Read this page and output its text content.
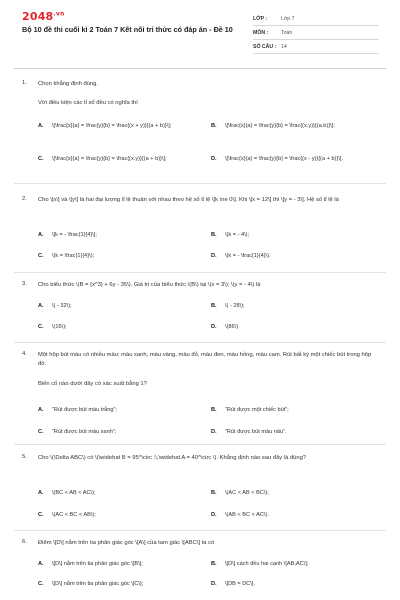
$2048^{.vn}$
Bộ 10 đề thi cuối kì 2 Toán 7 Kết nối tri thức có đáp án - Đề 10
LỚP :	Lớp 7
MÔN :	Toán
SỐ CÂU : 14
1. Chọn khẳng định đúng.
Với điều kiện các tỉ số đều có nghĩa thì
A. \[\frac{x}{a} = \frac{y}{b} = \frac{(x + y)}{(a + b)}\];	B. \[\frac{x}{a} = \frac{y}{b} = \frac{(x.y)}{(a.b)}\];
C. \[\frac{x}{a} = \frac{y}{b} = \frac{(x.y)}{(a + b)}\];	D. \[\frac{x}{a} = \frac{y}{b} = \frac{(x - y)}{(a + b)}\].
2. Cho \[x\] và \[y\] là hai đại lượng tỉ lệ thuận với nhau theo hệ số tỉ lệ \[k \ne 0\]. Khi \[x = 12\] thì \[y = - 3\]. Hệ số tỉ lệ là
A. \[k = - \frac{1}{4}\];	B. \(k = - 4\);
C. \(k = \frac{1}{4}\);	D. \(k = - \frac{1}{4}\).
3. Cho biểu thức \(B = {x^3} + 6y - 35\). Giá trị của biểu thức \(B\) tại \(x = 3\); \(y = - 4\) là
A. \( - 32\);	B. \( - 28\);
C. \(16\);	D. \(86\)
4. Một hộp bút màu có nhiều màu: màu xanh, màu vàng, màu đỏ, màu đen, màu hồng, màu cam. Rút bất kỳ một chiếc bút trong hộp đó.
Biến cố nào dưới đây có xác suất bằng 1?
A. “Rút được bút màu trắng”;	B. “Rút được một chiếc bút”;
C. “Rút được bút màu xanh”;	D. “Rút được bút màu nâu”.
5. Cho \(\Delta ABC\) có \(\widehat B = 95^\circ ;\,\widehat A = 40^\circ \). Khẳng định nào sau đây là đúng?
A. \(BC < AB < AC\);	B. \(AC < AB < BC\);
C. \(AC < BC < AB\);	D. \(AB < BC < AC\).
6. Điểm \[D\] nằm trên tia phân giác góc \[A\] của tam giác \[ABC\] ta có
A. \[D\] nằm trên tia phân giác góc \[B\];	B. \[D\] cách đều hai cạnh \[AB,AC\];
C. \[D\] nằm trên tia phân giác góc \[C\];	D. \[DB = DC\].
